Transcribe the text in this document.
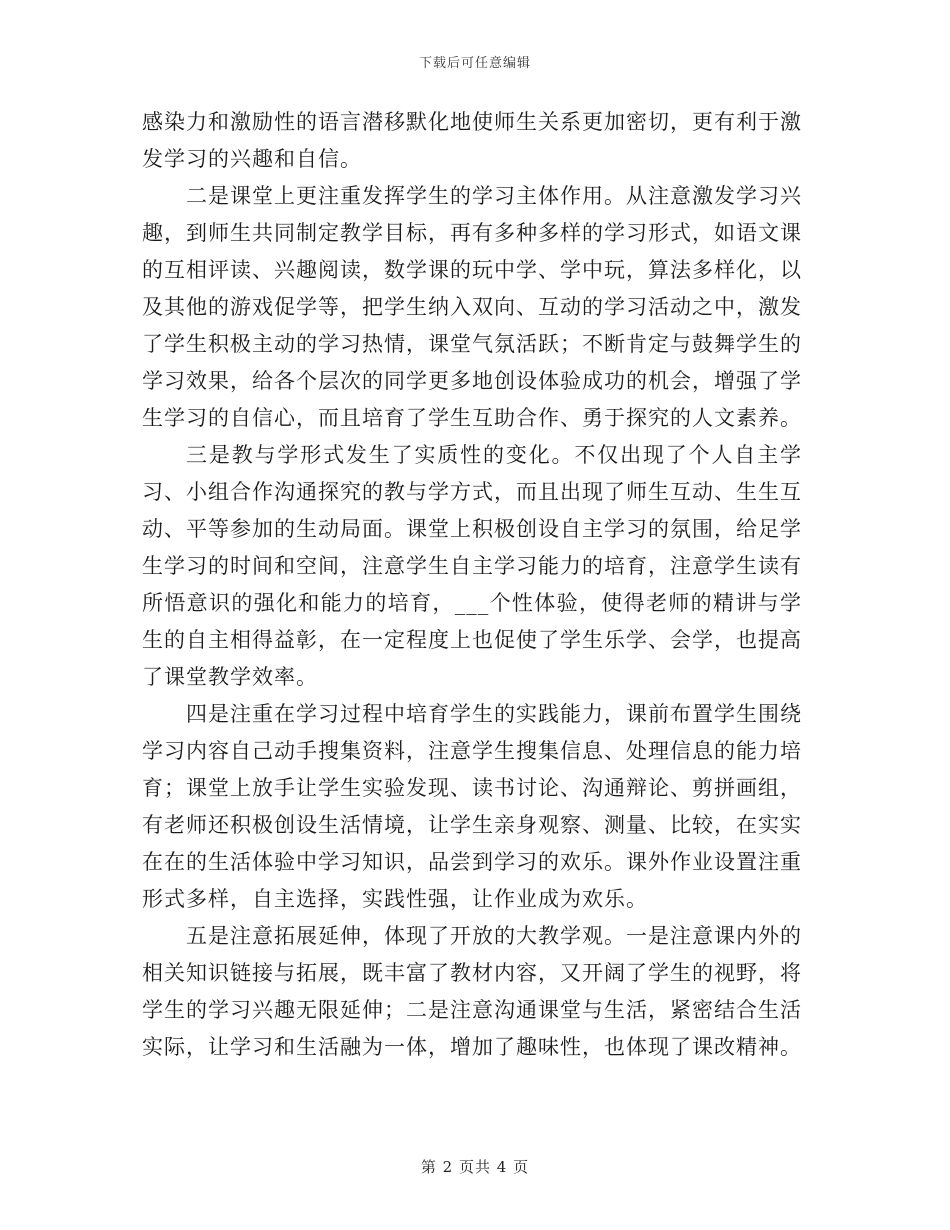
下载后可任意编辑

感染力和激励性的语言潜移默化地使师生关系更加密切，更有利于激发学习的兴趣和自信。

二是课堂上更注重发挥学生的学习主体作用。从注意激发学习兴趣，到师生共同制定教学目标，再有多种多样的学习形式，如语文课的互相评读、兴趣阅读，数学课的玩中学、学中玩，算法多样化，以及其他的游戏促学等，把学生纳入双向、互动的学习活动之中，激发了学生积极主动的学习热情，课堂气氛活跃；不断肯定与鼓舞学生的学习效果，给各个层次的同学更多地创设体验成功的机会，增强了学生学习的自信心，而且培育了学生互助合作、勇于探究的人文素养。

三是教与学形式发生了实质性的变化。不仅出现了个人自主学习、小组合作沟通探究的教与学方式，而且出现了师生互动、生生互动、平等参加的生动局面。课堂上积极创设自主学习的氛围，给足学生学习的时间和空间，注意学生自主学习能力的培育，注意学生读有所悟意识的强化和能力的培育，___个性体验，使得老师的精讲与学生的自主相得益彰，在一定程度上也促使了学生乐学、会学，也提高了课堂教学效率。

四是注重在学习过程中培育学生的实践能力，课前布置学生围绕学习内容自己动手搜集资料，注意学生搜集信息、处理信息的能力培育；课堂上放手让学生实验发现、读书讨论、沟通辩论、剪拼画组，有老师还积极创设生活情境，让学生亲身观察、测量、比较，在实实在在的生活体验中学习知识，品尝到学习的欢乐。课外作业设置注重形式多样，自主选择，实践性强，让作业成为欢乐。

五是注意拓展延伸，体现了开放的大教学观。一是注意课内外的相关知识链接与拓展，既丰富了教材内容，又开阔了学生的视野，将学生的学习兴趣无限延伸；二是注意沟通课堂与生活，紧密结合生活实际，让学习和生活融为一体，增加了趣味性，也体现了课改精神。

第 2 页共 4 页
